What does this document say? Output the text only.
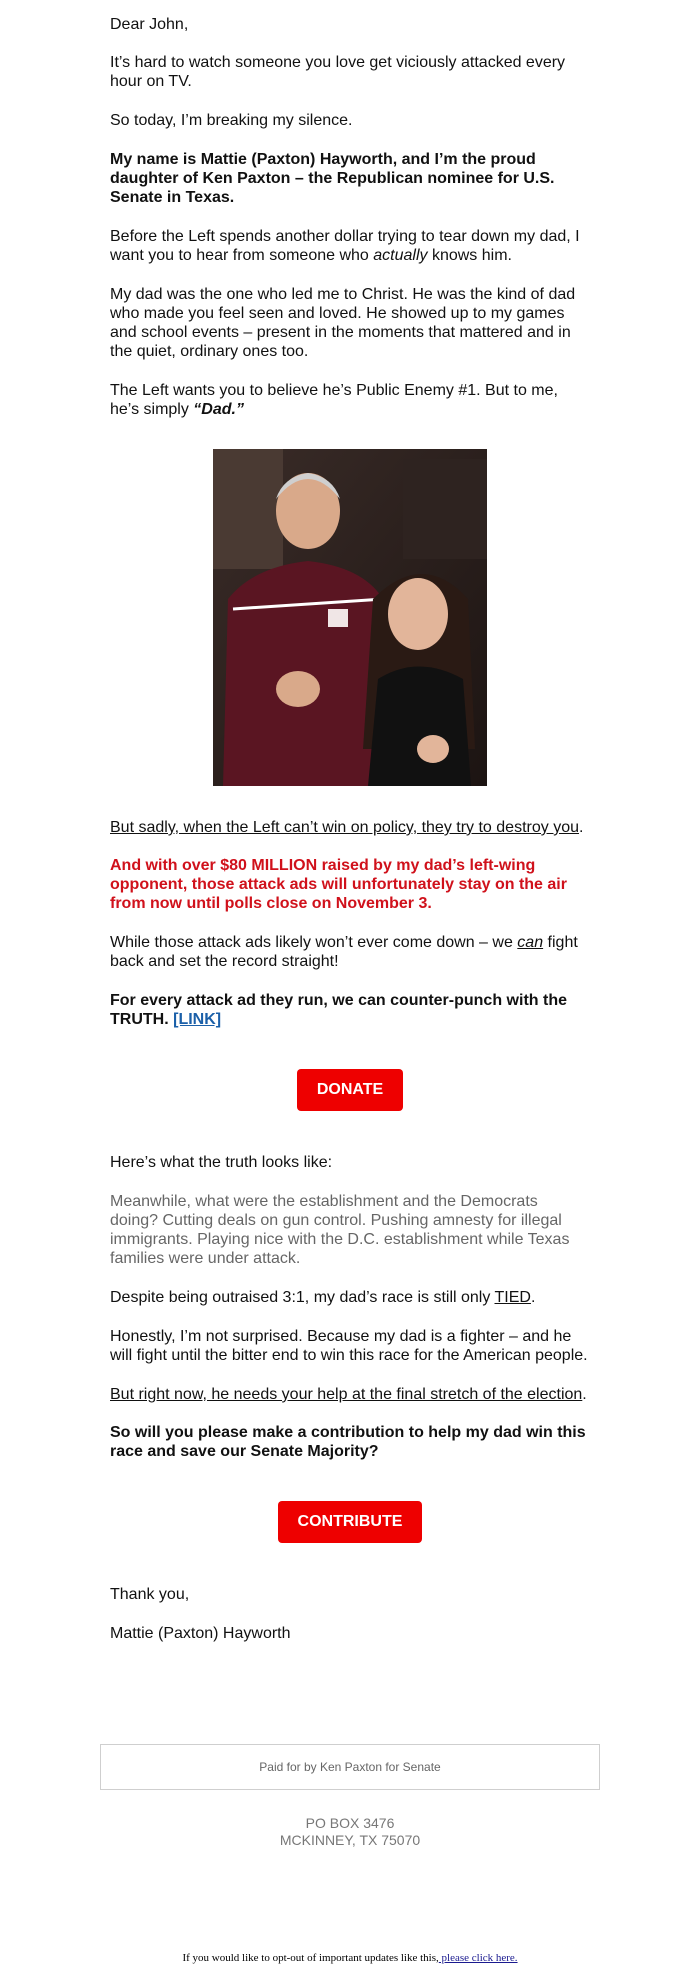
Dear John,

It’s hard to watch someone you love get viciously attacked every hour on TV.

So today, I’m breaking my silence.

My name is Mattie (Paxton) Hayworth, and I’m the proud daughter of Ken Paxton – the Republican nominee for U.S. Senate in Texas.

Before the Left spends another dollar trying to tear down my dad, I want you to hear from someone who actually knows him.

My dad was the one who led me to Christ. He was the kind of dad who made you feel seen and loved. He showed up to my games and school events – present in the moments that mattered and in the quiet, ordinary ones too.

The Left wants you to believe he’s Public Enemy #1. But to me, he’s simply “Dad.”

But sadly, when the Left can’t win on policy, they try to destroy you.

And with over $80 MILLION raised by my dad’s left-wing opponent, those attack ads will unfortunately stay on the air from now until polls close on November 3.

While those attack ads likely won’t ever come down – we can fight back and set the record straight!

For every attack ad they run, we can counter-punch with the TRUTH. [LINK]

DONATE

Here’s what the truth looks like:

Meanwhile, what were the establishment and the Democrats doing? Cutting deals on gun control. Pushing amnesty for illegal immigrants. Playing nice with the D.C. establishment while Texas families were under attack.

Despite being outraised 3:1, my dad’s race is still only TIED.

Honestly, I’m not surprised. Because my dad is a fighter – and he will fight until the bitter end to win this race for the American people.

But right now, he needs your help at the final stretch of the election.

So will you please make a contribution to help my dad win this race and save our Senate Majority?

CONTRIBUTE

Thank you,

Mattie (Paxton) Hayworth

Paid for by Ken Paxton for Senate
PO BOX 3476
MCKINNEY, TX 75070
If you would like to opt-out of important updates like this, please click here.
